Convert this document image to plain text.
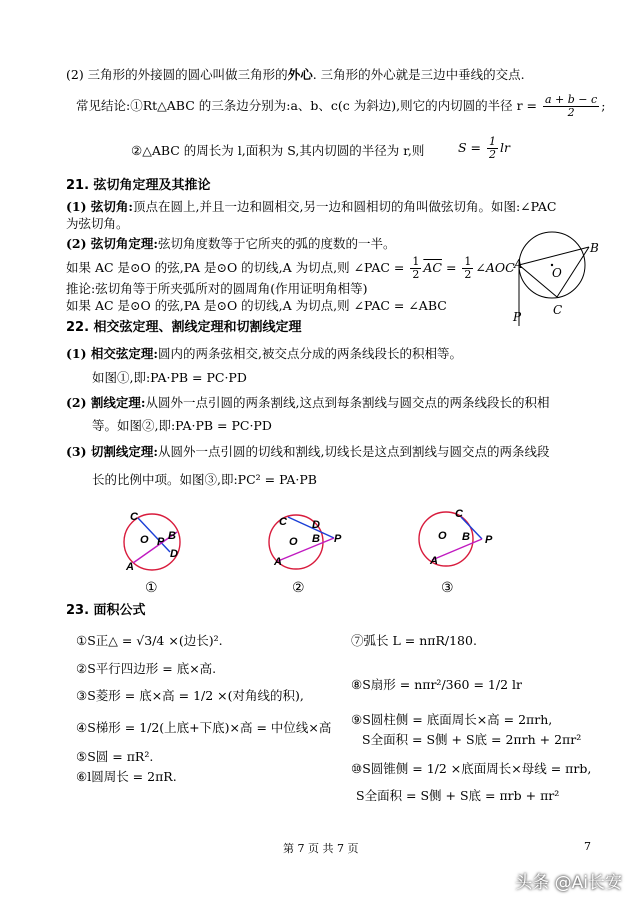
(2) 三角形的外接圆的圆心叫做三角形的外心. 三角形的外心就是三边中垂线的交点.
常见结论:①Rt△ABC 的三条边分别为:a、b、c(c 为斜边),则它的内切圆的半径 $r = \frac{a + b - c}{2}$ ;
②△ABC 的周长为 l,面积为 S,其内切圆的半径为 r,则	$S = \frac{1}{2}$ lr
21. 弦切角定理及其推论
(1) 弦切角:顶点在圆上,并且一边和圆相交,另一边和圆相切的角叫做弦切角。如图:∠PAC
为弦切角。
(2) 弦切角定理:弦切角度数等于它所夹的弧的度数的一半。
如果 AC 是⊙O 的弦,PA 是⊙O 的切线,A 为切点,则 ∠PAC = $\frac{1}{2} \overline{AC} = \frac{1}{2}$ ∠AOC
推论:弦切角等于所夹弧所对的圆周角(作用证明角相等)
如果 AC 是⊙O 的弦,PA 是⊙O 的切线,A 为切点,则 ∠PAC = ∠ABC
A
B
C
O
P
22. 相交弦定理、割线定理和切割线定理
(1) 相交弦定理:圆内的两条弦相交,被交点分成的两条线段长的积相等。
如图①,即:PA·PB = PC·PD
(2) 割线定理:从圆外一点引圆的两条割线,这点到每条割线与圆交点的两条线段长的积相
等。如图②,即:PA·PB = PC·PD
(3) 切割线定理:从圆外一点引圆的切线和割线,切线长是这点到割线与圆交点的两条线段
长的比例中项。如图③,即:PC² = PA·PB
C
O P B
D
A
C D
O B P
A
C
O B P
A
①	②	③
23. 面积公式
①S正△ = √3/4 ×(边长)².
②S平行四边形 = 底×高.
③S菱形 = 底×高 = 1/2 ×(对角线的积),
④S梯形 = 1/2(上底+下底)×高 = 中位线×高
⑤S圆 = πR².
⑥l圆周长 = 2πR.
⑦弧长 L = nπR/180.
⑧S扇形 = nπr²/360 = 1/2 lr
⑨S圆柱侧 = 底面周长×高 = 2πrh,
S全面积 = S侧 + S底 = 2πrh + 2πr²
⑩S圆锥侧 = 1/2 ×底面周长×母线 = πrb,
S全面积 = S侧 + S底 = πrb + πr²
第 7 页 共 7 页	7
头条 @Ai长安
